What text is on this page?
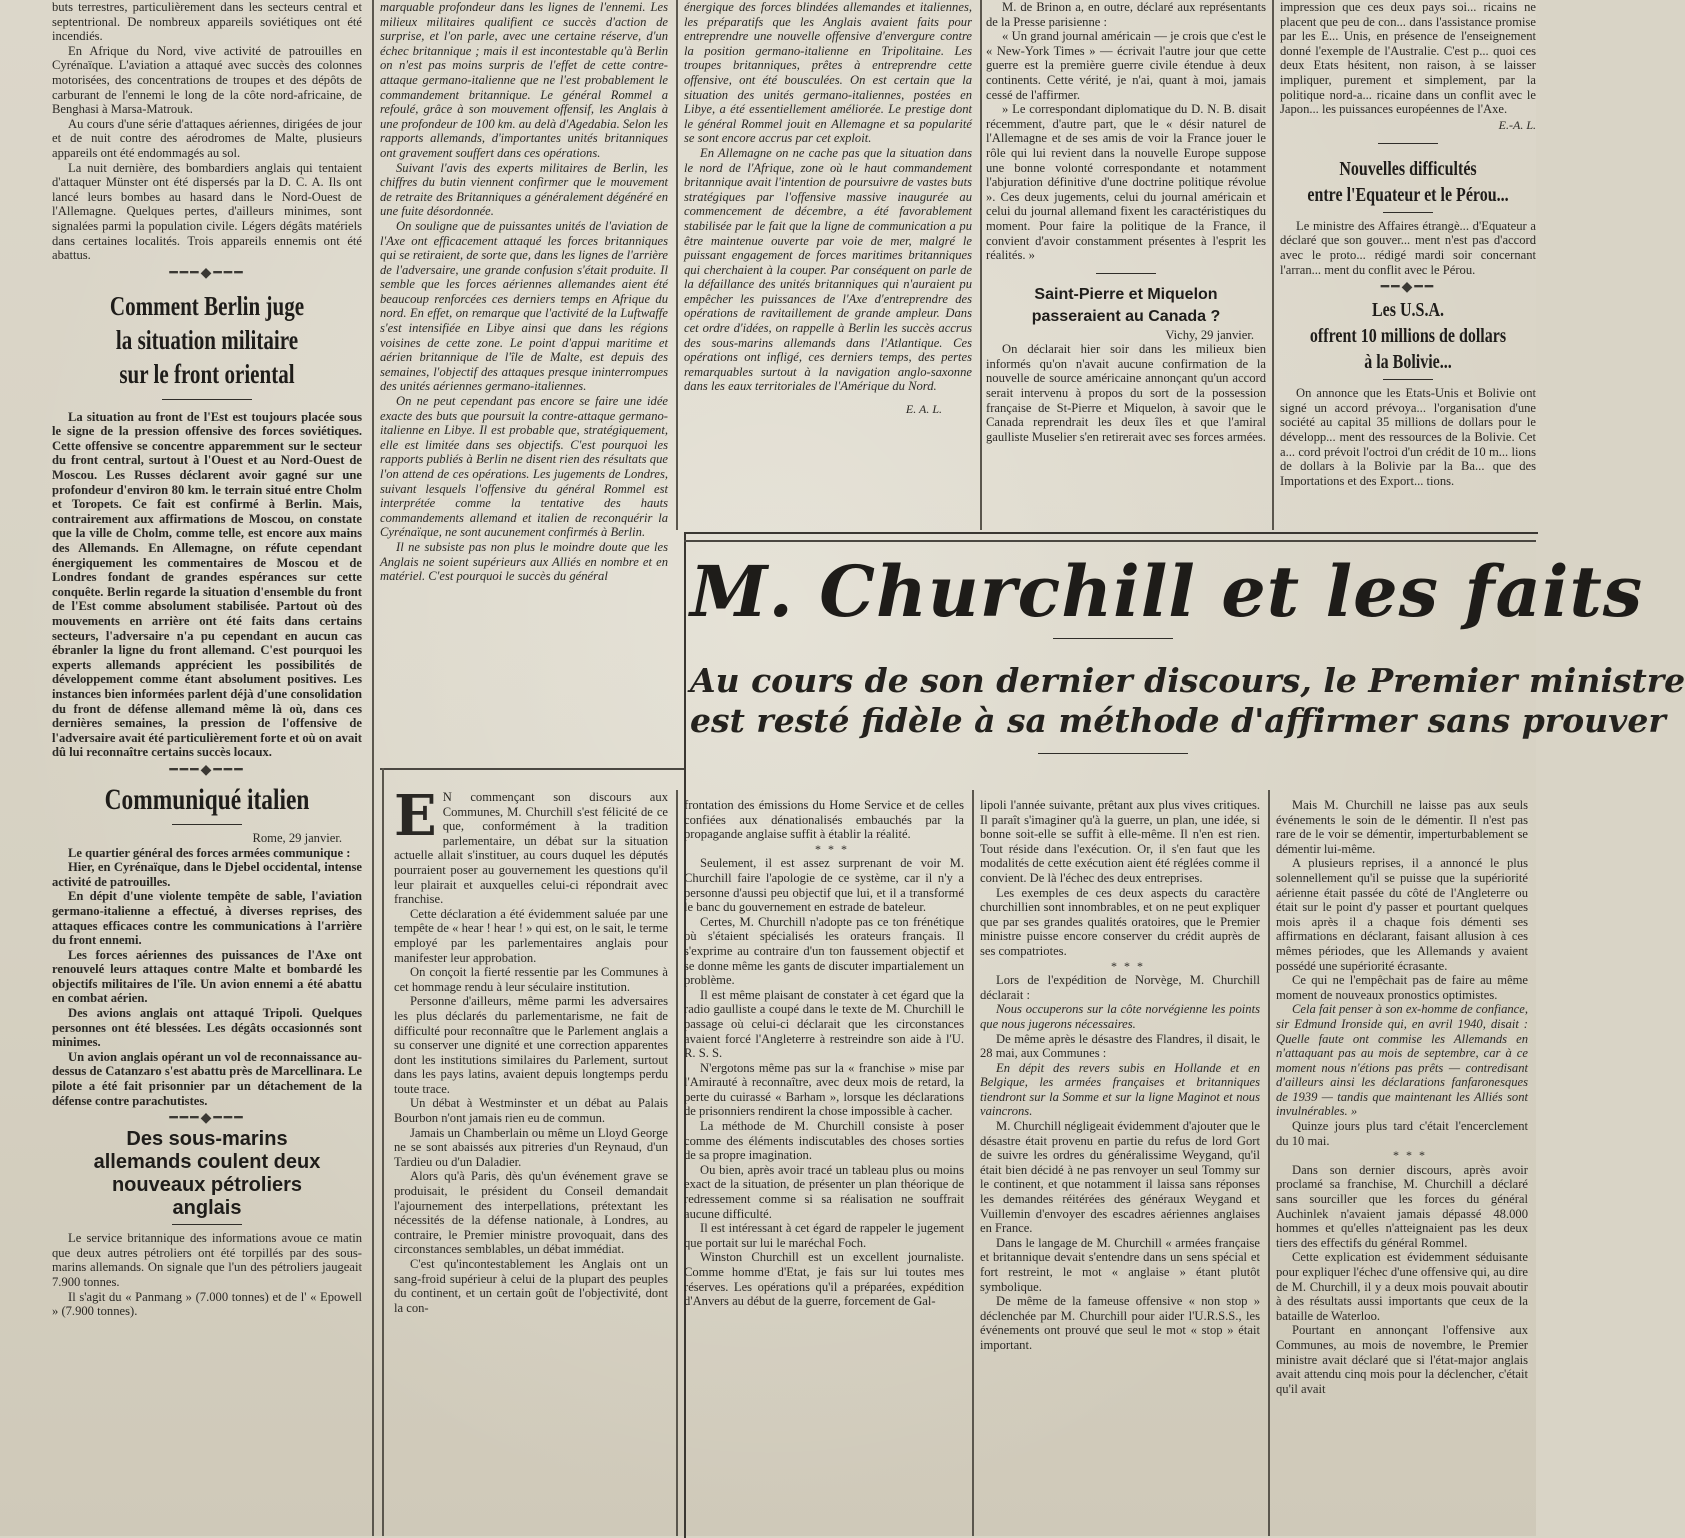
buts terrestres, particulièrement dans les secteurs central et septentrional. De nombreux appareils soviétiques ont été incendiés.

En Afrique du Nord, vive activité de patrouilles en Cyrénaïque. L'aviation a attaqué avec succès des colonnes motorisées, des concentrations de troupes et des dépôts de carburant de l'ennemi le long de la côte nord-africaine, de Benghasi à Marsa-Matrouk.

Au cours d'une série d'attaques aériennes, dirigées de jour et de nuit contre des aérodromes de Malte, plusieurs appareils ont été endommagés au sol.

La nuit dernière, des bombardiers anglais qui tentaient d'attaquer Münster ont été dispersés par la D. C. A. Ils ont lancé leurs bombes au hasard dans le Nord-Ouest de l'Allemagne. Quelques pertes, d'ailleurs minimes, sont signalées parmi la population civile. Légers dégâts matériels dans certaines localités. Trois appareils ennemis ont été abattus.

━━━◆━━━

Comment Berlin juge

la situation militaire

sur le front oriental

La situation au front de l'Est est toujours placée sous le signe de la pression offensive des forces soviétiques. Cette offensive se concentre apparemment sur le secteur du front central, surtout à l'Ouest et au Nord-Ouest de Moscou. Les Russes déclarent avoir gagné sur une profondeur d'environ 80 km. le terrain situé entre Cholm et Toropets. Ce fait est confirmé à Berlin. Mais, contrairement aux affirmations de Moscou, on constate que la ville de Cholm, comme telle, est encore aux mains des Allemands. En Allemagne, on réfute cependant énergiquement les commentaires de Moscou et de Londres fondant de grandes espérances sur cette conquête. Berlin regarde la situation d'ensemble du front de l'Est comme absolument stabilisée. Partout où des mouvements en arrière ont été faits dans certains secteurs, l'adversaire n'a pu cependant en aucun cas ébranler la ligne du front allemand. C'est pourquoi les experts allemands apprécient les possibilités de développement comme étant absolument positives. Les instances bien informées parlent déjà d'une consolidation du front de défense allemand même là où, dans ces dernières semaines, la pression de l'offensive de l'adversaire avait été particulièrement forte et où on avait dû lui reconnaître certains succès locaux.

━━━◆━━━

Communiqué italien

Rome, 29 janvier.

Le quartier général des forces armées communique :

Hier, en Cyrénaïque, dans le Djebel occidental, intense activité de patrouilles.

En dépit d'une violente tempête de sable, l'aviation germano-italienne a effectué, à diverses reprises, des attaques efficaces contre les communications à l'arrière du front ennemi.

Les forces aériennes des puissances de l'Axe ont renouvelé leurs attaques contre Malte et bombardé les objectifs militaires de l'île. Un avion ennemi a été abattu en combat aérien.

Des avions anglais ont attaqué Tripoli. Quelques personnes ont été blessées. Les dégâts occasionnés sont minimes.

Un avion anglais opérant un vol de reconnaissance au-dessus de Catanzaro s'est abattu près de Marcellinara. Le pilote a été fait prisonnier par un détachement de la défense contre parachutistes.

━━━◆━━━

Des sous-marins

allemands coulent deux

nouveaux pétroliers

anglais

Le service britannique des informations avoue ce matin que deux autres pétroliers ont été torpillés par des sous-marins allemands. On signale que l'un des pétroliers jaugeait 7.900 tonnes.

Il s'agit du « Panmang » (7.000 tonnes) et de l' « Epowell » (7.900 tonnes).

marquable profondeur dans les lignes de l'ennemi. Les milieux militaires qualifient ce succès d'action de surprise, et l'on parle, avec une certaine réserve, d'un échec britannique ; mais il est incontestable qu'à Berlin on n'est pas moins surpris de l'effet de cette contre-attaque germano-italienne que ne l'est probablement le commandement britannique. Le général Rommel a refoulé, grâce à son mouvement offensif, les Anglais à une profondeur de 100 km. au delà d'Agedabia. Selon les rapports allemands, d'importantes unités britanniques ont gravement souffert dans ces opérations.

Suivant l'avis des experts militaires de Berlin, les chiffres du butin viennent confirmer que le mouvement de retraite des Britanniques a généralement dégénéré en une fuite désordonnée.

On souligne que de puissantes unités de l'aviation de l'Axe ont efficacement attaqué les forces britanniques qui se retiraient, de sorte que, dans les lignes de l'arrière de l'adversaire, une grande confusion s'était produite. Il semble que les forces aériennes allemandes aient été beaucoup renforcées ces derniers temps en Afrique du nord. En effet, on remarque que l'activité de la Luftwaffe s'est intensifiée en Libye ainsi que dans les régions voisines de cette zone. Le point d'appui maritime et aérien britannique de l'île de Malte, est depuis des semaines, l'objectif des attaques presque ininterrompues des unités aériennes germano-italiennes.

On ne peut cependant pas encore se faire une idée exacte des buts que poursuit la contre-attaque germano-italienne en Libye. Il est probable que, stratégiquement, elle est limitée dans ses objectifs. C'est pourquoi les rapports publiés à Berlin ne disent rien des résultats que l'on attend de ces opérations. Les jugements de Londres, suivant lesquels l'offensive du général Rommel est interprétée comme la tentative des hauts commandements allemand et italien de reconquérir la Cyrénaïque, ne sont aucunement confirmés à Berlin.

Il ne subsiste pas non plus le moindre doute que les Anglais ne soient supérieurs aux Alliés en nombre et en matériel. C'est pourquoi le succès du général

énergique des forces blindées allemandes et italiennes, les préparatifs que les Anglais avaient faits pour entreprendre une nouvelle offensive d'envergure contre la position germano-italienne en Tripolitaine. Les troupes britanniques, prêtes à entreprendre cette offensive, ont été bousculées. On est certain que la situation des unités germano-italiennes, postées en Libye, a été essentiellement améliorée. Le prestige dont le général Rommel jouit en Allemagne et sa popularité se sont encore accrus par cet exploit.

En Allemagne on ne cache pas que la situation dans le nord de l'Afrique, zone où le haut commandement britannique avait l'intention de poursuivre de vastes buts stratégiques par l'offensive massive inaugurée au commencement de décembre, a été favorablement stabilisée par le fait que la ligne de communication a pu être maintenue ouverte par voie de mer, malgré le puissant engagement de forces maritimes britanniques qui cherchaient à la couper. Par conséquent on parle de la défaillance des unités britanniques qui n'auraient pu empêcher les puissances de l'Axe d'entreprendre des opérations de ravitaillement de grande ampleur. Dans cet ordre d'idées, on rappelle à Berlin les succès accrus des sous-marins allemands dans l'Atlantique. Ces opérations ont infligé, ces derniers temps, des pertes remarquables surtout à la navigation anglo-saxonne dans les eaux territoriales de l'Amérique du Nord.

E. A. L.

M. de Brinon a, en outre, déclaré aux représentants de la Presse parisienne :

« Un grand journal américain — je crois que c'est le « New-York Times » — écrivait l'autre jour que cette guerre est la première guerre civile étendue à deux continents. Cette vérité, je n'ai, quant à moi, jamais cessé de l'affirmer.

» Le correspondant diplomatique du D. N. B. disait récemment, d'autre part, que le « désir naturel de l'Allemagne et de ses amis de voir la France jouer le rôle qui lui revient dans la nouvelle Europe suppose une bonne volonté correspondante et notamment l'abjuration définitive d'une doctrine politique révolue ». Ces deux jugements, celui du journal américain et celui du journal allemand fixent les caractéristiques du moment. Pour faire la politique de la France, il convient d'avoir constamment présentes à l'esprit les réalités. »

Saint-Pierre et Miquelon

passeraient au Canada ?

Vichy, 29 janvier.

On déclarait hier soir dans les milieux bien informés qu'on n'avait aucune confirmation de la nouvelle de source américaine annonçant qu'un accord serait intervenu à propos du sort de la possession française de St-Pierre et Miquelon, à savoir que le Canada reprendrait les deux îles et que l'amiral gaulliste Muselier s'en retirerait avec ses forces armées.

impression que ces deux pays soi... ricains ne placent que peu de con... dans l'assistance promise par les E... Unis, en présence de l'enseignement donné l'exemple de l'Australie. C'est p... quoi ces deux Etats hésitent, non raison, à se laisser impliquer, purement et simplement, par la politique nord-a... ricaine dans un conflit avec le Japon... les puissances européennes de l'Axe.

E.-A. L.

Nouvelles difficultés

entre l'Equateur et le Pérou...

Le ministre des Affaires étrangè... d'Equateur a déclaré que son gouver... ment n'est pas d'accord avec le proto... rédigé mardi soir concernant l'arran... ment du conflit avec le Pérou.

━━◆━━

Les U.S.A.

offrent 10 millions de dollars

à la Bolivie...

On annonce que les Etats-Unis et Bolivie ont signé un accord prévoya... l'organisation d'une société au capital 35 millions de dollars pour le développ... ment des ressources de la Bolivie. Cet a... cord prévoit l'octroi d'un crédit de 10 m... lions de dollars à la Bolivie par la Ba... que des Importations et des Export... tions.

M. Churchill et les faits

Au cours de son dernier discours, le Premier ministre

est resté fidèle à sa méthode d'affirmer sans prouver

E N commençant son discours aux Communes, M. Churchill s'est félicité de ce que, conformément à la tradition parlementaire, un débat sur la situation actuelle allait s'instituer, au cours duquel les députés pourraient poser au gouvernement les questions qu'il leur plairait et auxquelles celui-ci répondrait avec franchise.

Cette déclaration a été évidemment saluée par une tempête de « hear ! hear ! » qui est, on le sait, le terme employé par les parlementaires anglais pour manifester leur approbation.

On conçoit la fierté ressentie par les Communes à cet hommage rendu à leur séculaire institution.

Personne d'ailleurs, même parmi les adversaires les plus déclarés du parlementarisme, ne fait de difficulté pour reconnaître que le Parlement anglais a su conserver une dignité et une correction apparentes dont les institutions similaires du Parlement, surtout dans les pays latins, avaient depuis longtemps perdu toute trace.

Un débat à Westminster et un débat au Palais Bourbon n'ont jamais rien eu de commun.

Jamais un Chamberlain ou même un Lloyd George ne se sont abaissés aux pitreries d'un Reynaud, d'un Tardieu ou d'un Daladier.

Alors qu'à Paris, dès qu'un événement grave se produisait, le président du Conseil demandait l'ajournement des interpellations, prétextant les nécessités de la défense nationale, à Londres, au contraire, le Premier ministre provoquait, dans des circonstances semblables, un débat immédiat.

C'est qu'incontestablement les Anglais ont un sang-froid supérieur à celui de la plupart des peuples du continent, et un certain goût de l'objectivité, dont la con-

frontation des émissions du Home Service et de celles confiées aux dénationalisés embauchés par la propagande anglaise suffit à établir la réalité.

* * *

Seulement, il est assez surprenant de voir M. Churchill faire l'apologie de ce système, car il n'y a personne d'aussi peu objectif que lui, et il a transformé le banc du gouvernement en estrade de bateleur.

Certes, M. Churchill n'adopte pas ce ton frénétique où s'étaient spécialisés les orateurs français. Il s'exprime au contraire d'un ton faussement objectif et se donne même les gants de discuter impartialement un problème.

Il est même plaisant de constater à cet égard que la radio gaulliste a coupé dans le texte de M. Churchill le passage où celui-ci déclarait que les circonstances avaient forcé l'Angleterre à restreindre son aide à l'U. R. S. S.

N'ergotons même pas sur la « franchise » mise par l'Amirauté à reconnaître, avec deux mois de retard, la perte du cuirassé « Barham », lorsque les déclarations de prisonniers rendirent la chose impossible à cacher.

La méthode de M. Churchill consiste à poser comme des éléments indiscutables des choses sorties de sa propre imagination.

Ou bien, après avoir tracé un tableau plus ou moins exact de la situation, de présenter un plan théorique de redressement comme si sa réalisation ne souffrait aucune difficulté.

Il est intéressant à cet égard de rappeler le jugement que portait sur lui le maréchal Foch.

Winston Churchill est un excellent journaliste. Comme homme d'Etat, je fais sur lui toutes mes réserves. Les opérations qu'il a préparées, expédition d'Anvers au début de la guerre, forcement de Gal-

lipoli l'année suivante, prêtant aux plus vives critiques. Il paraît s'imaginer qu'à la guerre, un plan, une idée, si bonne soit-elle se suffit à elle-même. Il n'en est rien. Tout réside dans l'exécution. Or, il s'en faut que les modalités de cette exécution aient été réglées comme il convient. De là l'échec des deux entreprises.

Les exemples de ces deux aspects du caractère churchillien sont innombrables, et on ne peut expliquer que par ses grandes qualités oratoires, que le Premier ministre puisse encore conserver du crédit auprès de ses compatriotes.

* * *

Lors de l'expédition de Norvège, M. Churchill déclarait :

Nous occuperons sur la côte norvégienne les points que nous jugerons nécessaires.

De même après le désastre des Flandres, il disait, le 28 mai, aux Communes :

En dépit des revers subis en Hollande et en Belgique, les armées françaises et britanniques tiendront sur la Somme et sur la ligne Maginot et nous vaincrons.

M. Churchill négligeait évidemment d'ajouter que le désastre était provenu en partie du refus de lord Gort de suivre les ordres du généralissime Weygand, qu'il était bien décidé à ne pas renvoyer un seul Tommy sur le continent, et que notamment il laissa sans réponses les demandes réitérées des généraux Weygand et Vuillemin d'envoyer des escadres aériennes anglaises en France.

Dans le langage de M. Churchill « armées française et britannique devait s'entendre dans un sens spécial et fort restreint, le mot « anglaise » étant plutôt symbolique.

De même de la fameuse offensive « non stop » déclenchée par M. Churchill pour aider l'U.R.S.S., les événements ont prouvé que seul le mot « stop » était important.

Mais M. Churchill ne laisse pas aux seuls événements le soin de le démentir. Il n'est pas rare de le voir se démentir, imperturbablement se démentir lui-même.

A plusieurs reprises, il a annoncé le plus solennellement qu'il se puisse que la supériorité aérienne était passée du côté de l'Angleterre ou était sur le point d'y passer et pourtant quelques mois après il a chaque fois démenti ses affirmations en déclarant, faisant allusion à ces mêmes périodes, que les Allemands y avaient possédé une supériorité écrasante.

Ce qui ne l'empêchait pas de faire au même moment de nouveaux pronostics optimistes.

Cela fait penser à son ex-homme de confiance, sir Edmund Ironside qui, en avril 1940, disait : Quelle faute ont commise les Allemands en n'attaquant pas au mois de septembre, car à ce moment nous n'étions pas prêts — contredisant d'ailleurs ainsi les déclarations fanfaronesques de 1939 — tandis que maintenant les Alliés sont invulnérables. »

Quinze jours plus tard c'était l'encerclement du 10 mai.

* * *

Dans son dernier discours, après avoir proclamé sa franchise, M. Churchill a déclaré sans sourciller que les forces du général Auchinlek n'avaient jamais dépassé 48.000 hommes et qu'elles n'atteignaient pas les deux tiers des effectifs du général Rommel.

Cette explication est évidemment séduisante pour expliquer l'échec d'une offensive qui, au dire de M. Churchill, il y a deux mois pouvait aboutir à des résultats aussi importants que ceux de la bataille de Waterloo.

Pourtant en annonçant l'offensive aux Communes, au mois de novembre, le Premier ministre avait déclaré que si l'état-major anglais avait attendu cinq mois pour la déclencher, c'était qu'il avait
